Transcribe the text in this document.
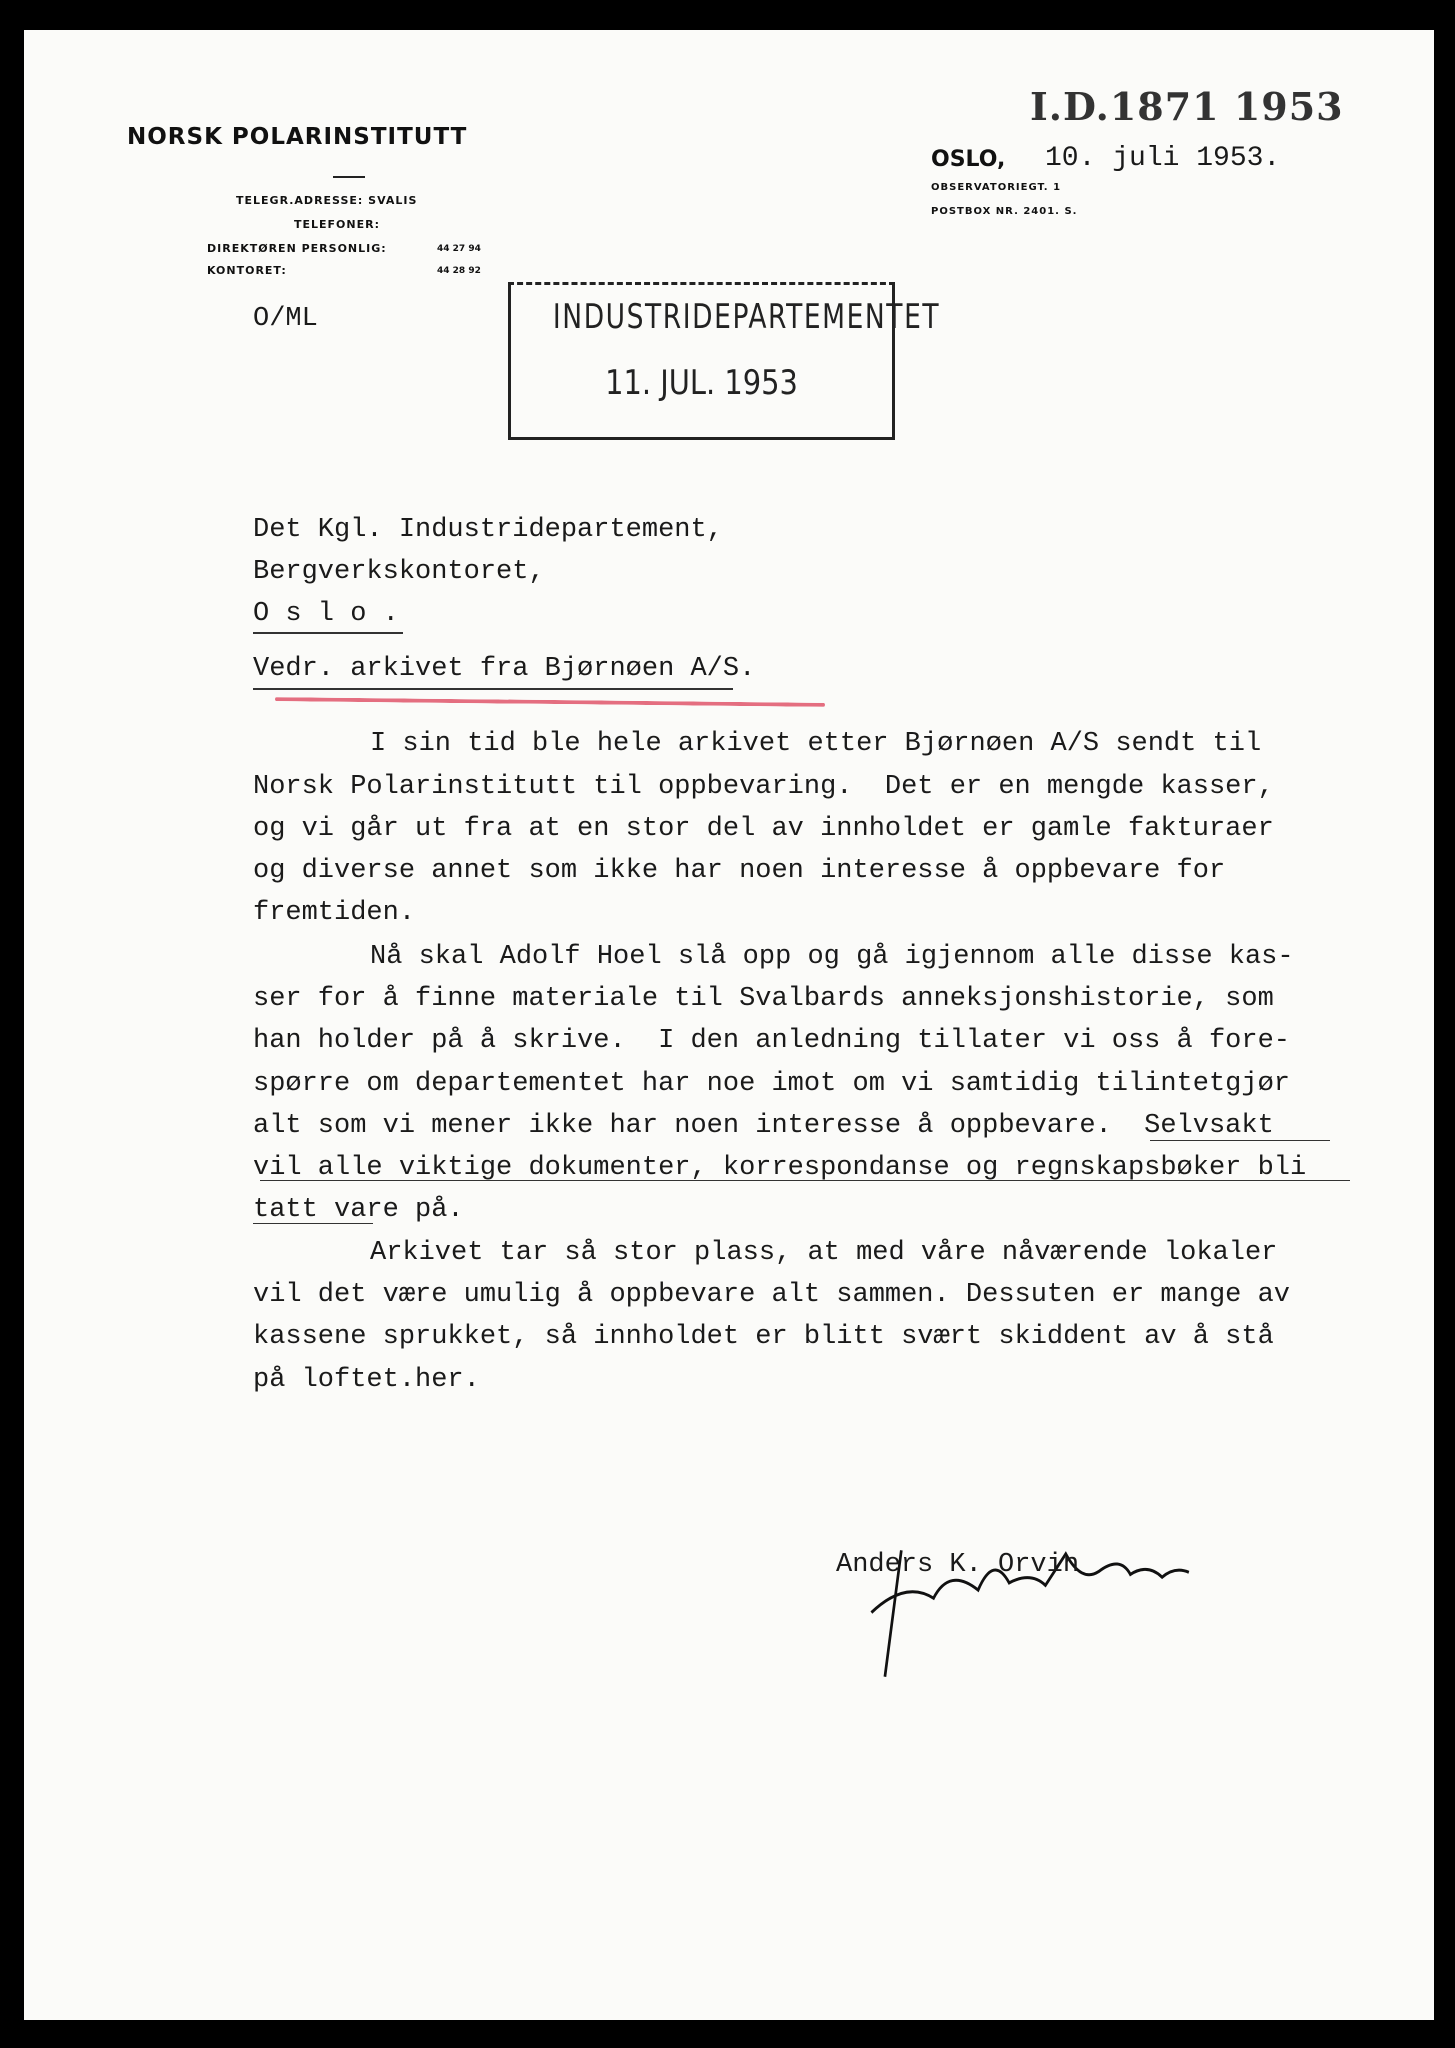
NORSK POLARINSTITUTT
TELEGR.ADRESSE: SVALIS
TELEFONER:
DIREKTØREN PERSONLIG:	44 27 94
KONTORET:	44 28 92
I.D.1871 1953
OSLO, 10. juli 1953.
OBSERVATORIEGT. 1
POSTBOX NR. 2401. S.
O/ML	INDUSTRIDEPARTEMENTET
11. JUL. 1953
Det Kgl. Industridepartement,
Bergverkskontoret,
O s l o .
Vedr. arkivet fra Bjørnøen A/S.
I sin tid ble hele arkivet etter Bjørnøen A/S sendt til
Norsk Polarinstitutt til oppbevaring.  Det er en mengde kasser,
og vi går ut fra at en stor del av innholdet er gamle fakturaer
og diverse annet som ikke har noen interesse å oppbevare for
fremtiden.
Nå skal Adolf Hoel slå opp og gå igjennom alle disse kas-
ser for å finne materiale til Svalbards anneksjonshistorie, som
han holder på å skrive.  I den anledning tillater vi oss å fore-
spørre om departementet har noe imot om vi samtidig tilintetgjør
alt som vi mener ikke har noen interesse å oppbevare.  Selvsakt
vil alle viktige dokumenter, korrespondanse og regnskapsbøker bli
tatt vare på.
Arkivet tar så stor plass, at med våre nåværende lokaler
vil det være umulig å oppbevare alt sammen. Dessuten er mange av
kassene sprukket, så innholdet er blitt svært skiddent av å stå
på loftet.her.

Anders K. Orvin
